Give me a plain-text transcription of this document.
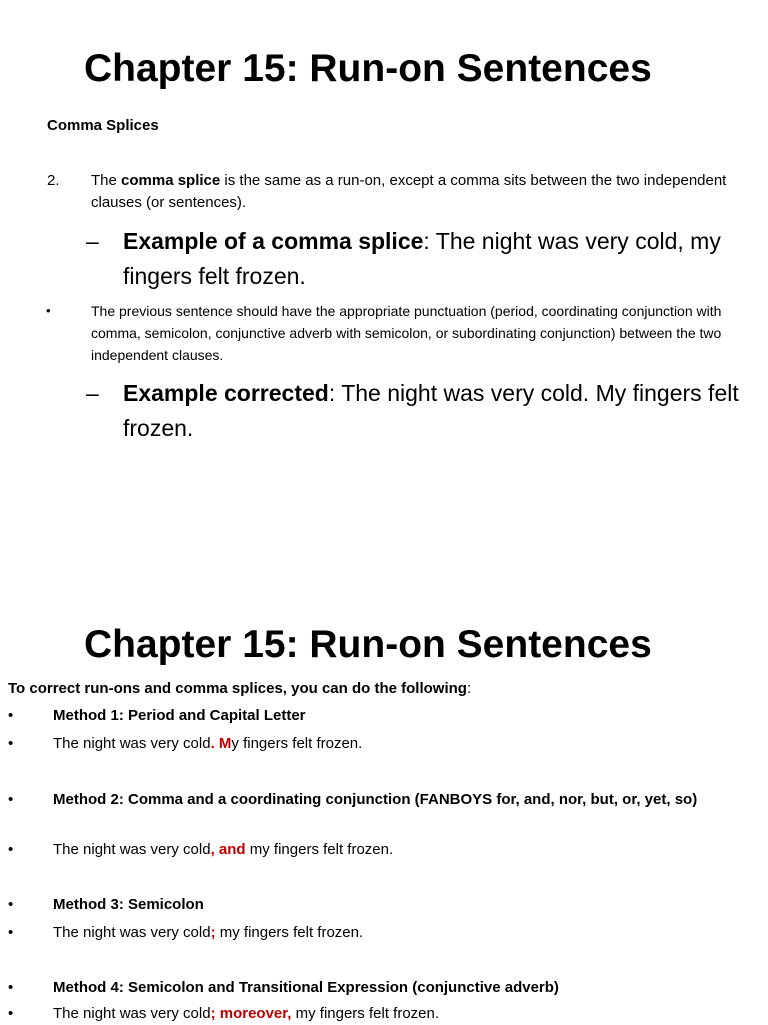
Chapter 15: Run-on Sentences
Comma Splices
2. The comma splice is the same as a run-on, except a comma sits between the two independent clauses (or sentences).

– Example of a comma splice: The night was very cold, my fingers felt frozen.

•	The previous sentence should have the appropriate punctuation (period, coordinating conjunction with comma, semicolon, conjunctive adverb with semicolon, or subordinating conjunction) between the two independent clauses.

– Example corrected: The night was very cold. My fingers felt frozen.

Chapter 15: Run-on Sentences

To correct run-ons and comma splices, you can do the following:

•	Method 1: Period and Capital Letter

•	The night was very cold. My fingers felt frozen.

•	Method 2: Comma and a coordinating conjunction (FANBOYS for, and, nor, but, or, yet, so)

•	The night was very cold, and my fingers felt frozen.

•	Method 3: Semicolon

•	The night was very cold; my fingers felt frozen.

•	Method 4: Semicolon and Transitional Expression (conjunctive adverb)

•	The night was very cold; moreover, my fingers felt frozen.
